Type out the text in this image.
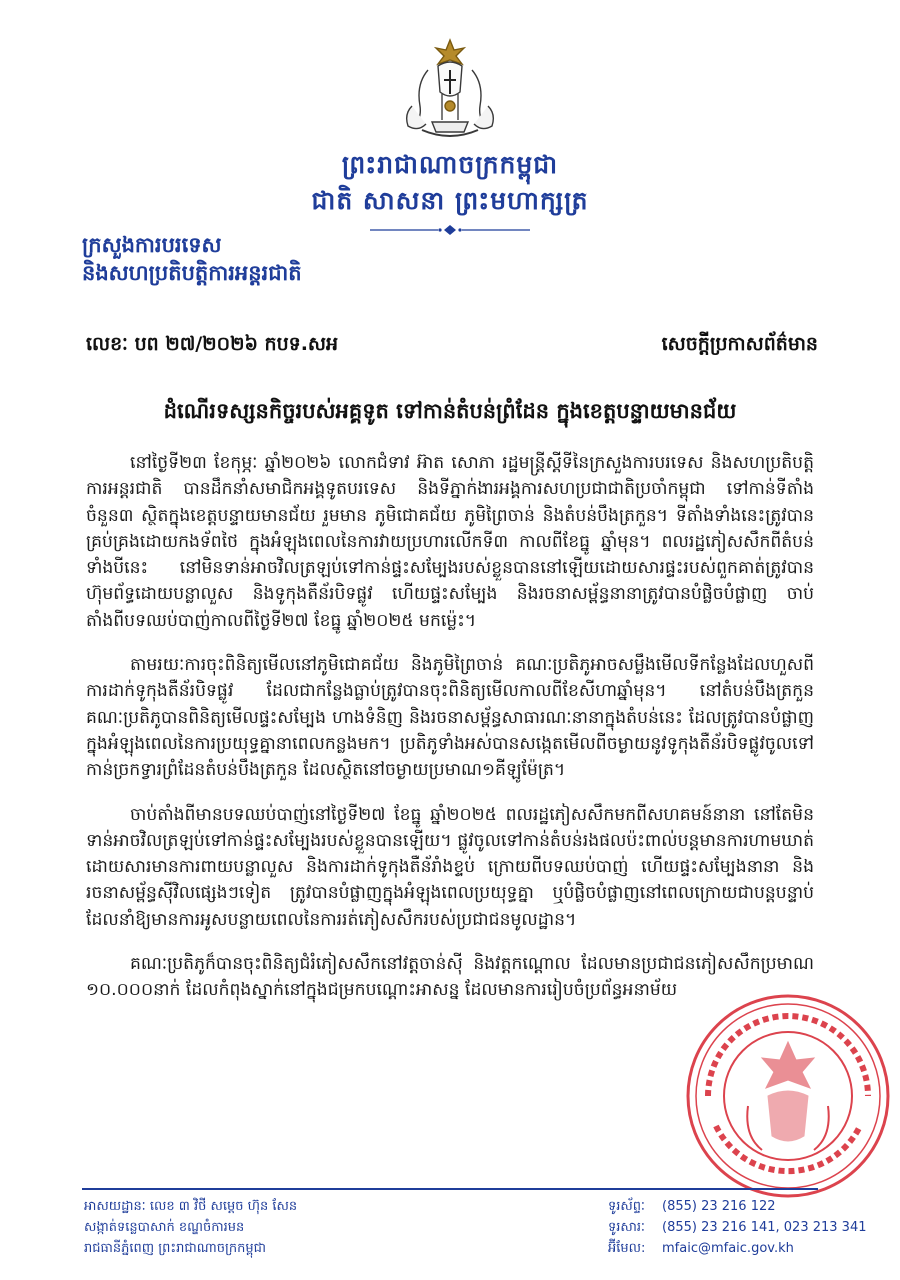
ព្រះរាជាណាចក្រកម្ពុជា
ជាតិ សាសនា ព្រះមហាក្សត្រ
ក្រសួងការបរទេស
និងសហប្រតិបត្តិការអន្តរជាតិ
លេខៈ បព ២៧/២០២៦ កបទ.សអ	សេចក្តីប្រកាសព័ត៌មាន
ដំណើរទស្សនកិច្ចរបស់អគ្គទូត ទៅកាន់តំបន់ព្រំដែន ក្នុងខេត្តបន្ទាយមានជ័យ

នៅថ្ងៃទី២៣ ខែកុម្ភៈ ឆ្នាំ២០២៦ លោកជំទាវ អ៊ាត សោភា រដ្ឋមន្ត្រីស្តីទីនៃក្រសួងការបរទេស និងសហប្រតិបត្តិការអន្តរជាតិ បានដឹកនាំសមាជិកអង្គទូតបរទេស និងទីភ្នាក់ងារអង្គការសហប្រជាជាតិប្រចាំកម្ពុជា ទៅកាន់ទីតាំងចំនួន៣ ស្ថិតក្នុងខេត្តបន្ទាយមានជ័យ រួមមាន ភូមិជោគជ័យ ភូមិព្រៃចាន់ និងតំបន់បឹងត្រកួន។ ទីតាំងទាំងនេះត្រូវបានគ្រប់គ្រងដោយកងទ័ពថៃ ក្នុងអំឡុងពេលនៃការវាយប្រហារលើកទី៣ កាលពីខែធ្នូ ឆ្នាំមុន។ ពលរដ្ឋភៀសសឹកពីតំបន់ទាំងបីនេះ នៅមិនទាន់អាចវិលត្រឡប់ទៅកាន់ផ្ទះសម្បែងរបស់ខ្លួនបាននៅឡើយដោយសារផ្ទះរបស់ពួកគាត់ត្រូវបានហ៊ុមព័ទ្ធដោយបន្លាលួស និងទូកុងតឺន័របិទផ្លូវ ហើយផ្ទះសម្បែង និងរចនាសម្ព័ន្ធនានាត្រូវបានបំផ្លិចបំផ្លាញ ចាប់តាំងពីបទឈប់បាញ់កាលពីថ្ងៃទី២៧ ខែធ្នូ ឆ្នាំ២០២៥ មកម្ល៉េះ។

តាមរយៈការចុះពិនិត្យមើលនៅភូមិជោគជ័យ និងភូមិព្រៃចាន់ គណៈប្រតិភូអាចសម្លឹងមើលទីកន្លែងដែលហួសពីការដាក់ទូកុងតឺន័របិទផ្លូវ ដែលជាកន្លែងធ្លាប់ត្រូវបានចុះពិនិត្យមើលកាលពីខែសីហាឆ្នាំមុន។ នៅតំបន់បឹងត្រកួន គណៈប្រតិភូបានពិនិត្យមើលផ្ទះសម្បែង ហាងទំនិញ និងរចនាសម្ព័ន្ធសាធារណៈនានាក្នុងតំបន់នេះ ដែលត្រូវបានបំផ្លាញក្នុងអំឡុងពេលនៃការប្រយុទ្ធគ្នានាពេលកន្លងមក។ ប្រតិភូទាំងអស់បានសង្កេតមើលពីចម្ងាយនូវទូកុងតឺន័របិទផ្លូវចូលទៅកាន់ច្រកទ្វារព្រំដែនតំបន់បឹងត្រកួន ដែលស្ថិតនៅចម្ងាយប្រមាណ១គីឡូម៉ែត្រ។

ចាប់តាំងពីមានបទឈប់បាញ់នៅថ្ងៃទី២៧ ខែធ្នូ ឆ្នាំ២០២៥ ពលរដ្ឋភៀសសឹកមកពីសហគមន៍នានា នៅតែមិនទាន់អាចវិលត្រឡប់ទៅកាន់ផ្ទះសម្បែងរបស់ខ្លួនបានឡើយ។ ផ្លូវចូលទៅកាន់តំបន់រងផលប៉ះពាល់បន្តមានការហាមឃាត់ដោយសារមានការពាយបន្លាលួស និងការដាក់ទូកុងតឺន័រាំងខ្ទប់ ក្រោយពីបទឈប់បាញ់ ហើយផ្ទះសម្បែងនានា និងរចនាសម្ព័ន្ធស៊ីវិលផ្សេងៗទៀត ត្រូវបានបំផ្លាញក្នុងអំឡុងពេលប្រយុទ្ធគ្នា ឬបំផ្លិចបំផ្លាញនៅពេលក្រោយជាបន្តបន្ទាប់ ដែលនាំឱ្យមានការអូសបន្លាយពេលនៃការរត់ភៀសសឹករបស់ប្រជាជនមូលដ្ឋាន។

គណៈប្រតិភូក៏បានចុះពិនិត្យជំរំភៀសសឹកនៅវត្តចាន់ស៊ី និងវត្តកណ្តោល ដែលមានប្រជាជនភៀសសឹកប្រមាណ ១០.០០០នាក់ ដែលកំពុងស្នាក់នៅក្នុងជម្រកបណ្តោះអាសន្ន ដែលមានការរៀបចំប្រព័ន្ធអនាម័យ

អាសយដ្ឋានៈ លេខ ៣ វិថី សម្តេច ហ៊ុន សែន
សង្កាត់ទន្លេបាសាក់ ខណ្ឌចំការមន
រាជធានីភ្នំពេញ ព្រះរាជាណាចក្រកម្ពុជា
ទូរស័ព្ទៈ	(855) 23 216 122
ទូរសារៈ	(855) 23 216 141, 023 213 341
អ៊ីមែល:	mfaic@mfaic.gov.kh
